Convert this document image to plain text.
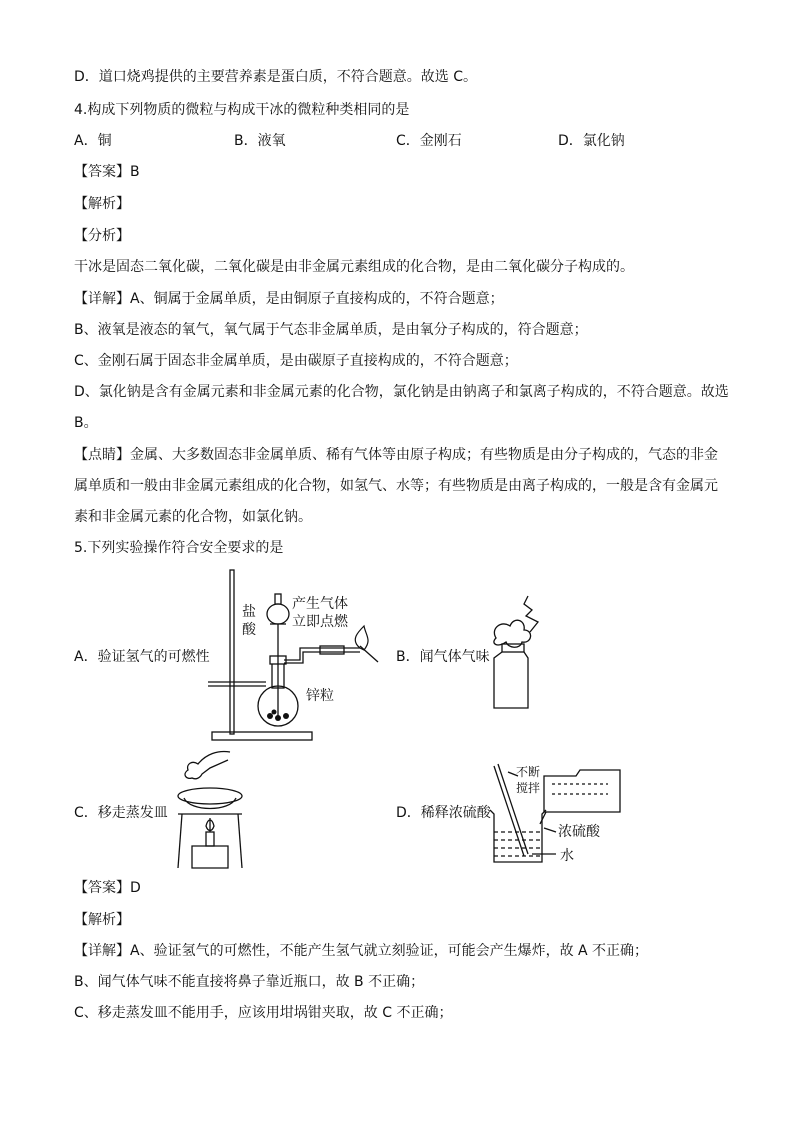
D．道口烧鸡提供的主要营养素是蛋白质，不符合题意。故选 C。
4.构成下列物质的微粒与构成干冰的微粒种类相同的是
A．铜	B．液氧	C．金刚石	D．氯化钠
【答案】B
【解析】
【分析】
干冰是固态二氧化碳，二氧化碳是由非金属元素组成的化合物，是由二氧化碳分子构成的。
【详解】A、铜属于金属单质，是由铜原子直接构成的，不符合题意；
B、液氧是液态的氧气，氧气属于气态非金属单质，是由氧分子构成的，符合题意；
C、金刚石属于固态非金属单质，是由碳原子直接构成的，不符合题意；
D、氯化钠是含有金属元素和非金属元素的化合物，氯化钠是由钠离子和氯离子构成的，不符合题意。故选
B。
【点睛】金属、大多数固态非金属单质、稀有气体等由原子构成；有些物质是由分子构成的，气态的非金
属单质和一般由非金属元素组成的化合物，如氢气、水等；有些物质是由离子构成的，一般是含有金属元
素和非金属元素的化合物，如氯化钠。
5.下列实验操作符合安全要求的是
A．验证氢气的可燃性	B．闻气体气味
C．移走蒸发皿	D．稀释浓硫酸
盐
酸
产生气体
立即点燃
锌粒
不断
搅拌
浓硫酸
水
【答案】D
【解析】
【详解】A、验证氢气的可燃性，不能产生氢气就立刻验证，可能会产生爆炸，故 A 不正确；
B、闻气体气味不能直接将鼻子靠近瓶口，故 B 不正确；
C、移走蒸发皿不能用手，应该用坩埚钳夹取，故 C 不正确；
